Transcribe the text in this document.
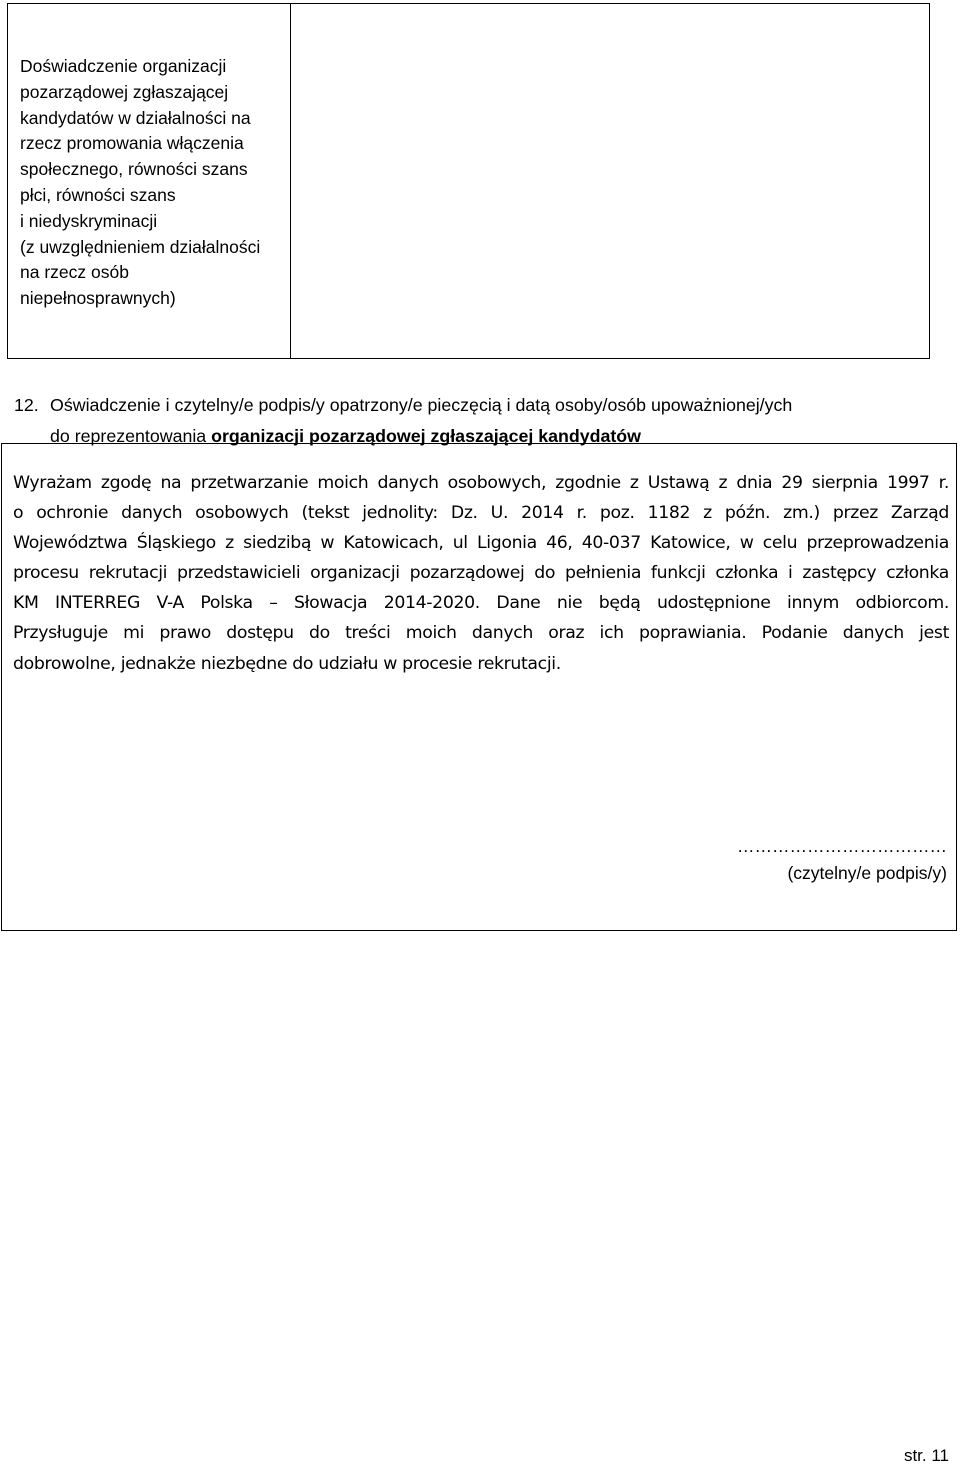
Doświadczenie organizacji
pozarządowej zgłaszającej
kandydatów w działalności na
rzecz promowania włączenia
społecznego, równości szans
płci, równości szans
i niedyskryminacji
(z uwzględnieniem działalności
na rzecz osób
niepełnosprawnych)
12. Oświadczenie i czytelny/e podpis/y opatrzony/e pieczęcią i datą osoby/osób upoważnionej/ych
do reprezentowania organizacji pozarządowej zgłaszającej kandydatów
Wyrażam zgodę na przetwarzanie moich danych osobowych, zgodnie z Ustawą z dnia 29 sierpnia 1997 r.
o ochronie danych osobowych (tekst jednolity: Dz. U. 2014 r. poz. 1182 z późn. zm.) przez Zarząd
Województwa Śląskiego z siedzibą w Katowicach, ul Ligonia 46, 40-037 Katowice, w celu przeprowadzenia
procesu rekrutacji przedstawicieli organizacji pozarządowej do pełnienia funkcji członka i zastępcy członka
KM INTERREG V-A Polska – Słowacja 2014-2020. Dane nie będą udostępnione innym odbiorcom.
Przysługuje mi prawo dostępu do treści moich danych oraz ich poprawiania. Podanie danych jest
dobrowolne, jednakże niezbędne do udziału w procesie rekrutacji.
………………………………
(czytelny/e podpis/y)
str. 11
